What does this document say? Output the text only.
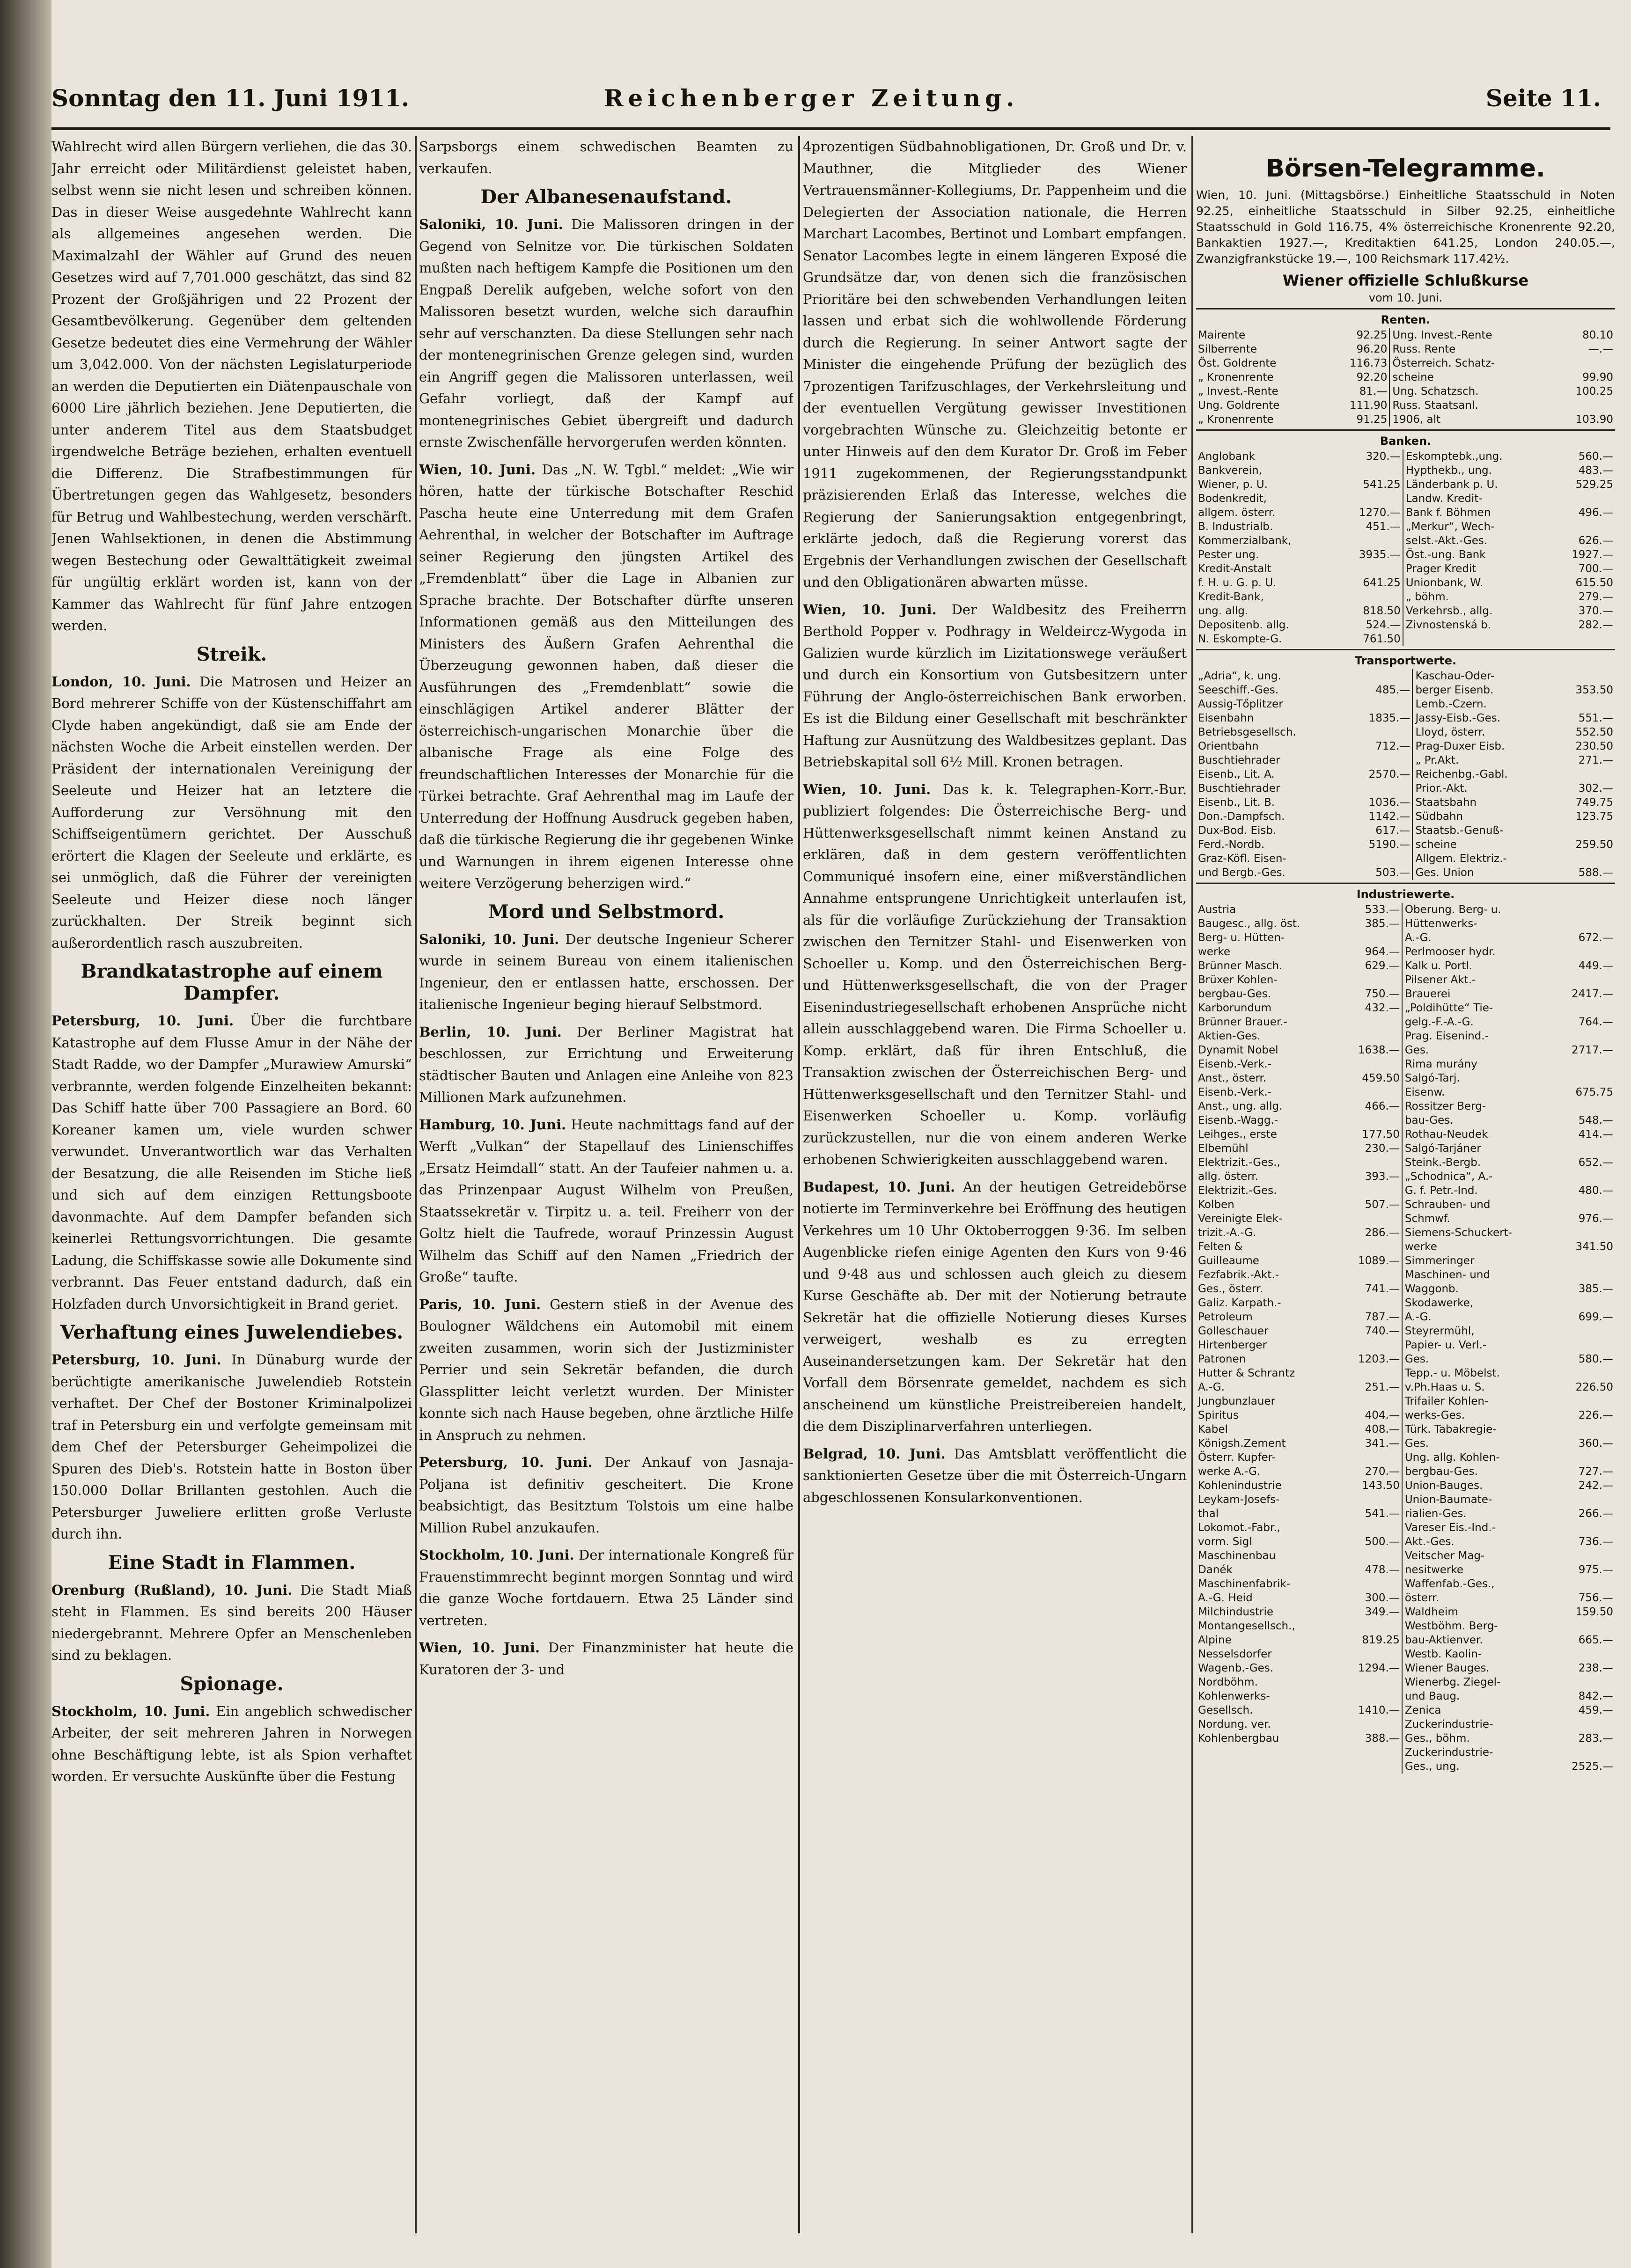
Sonntag den 11. Juni 1911.	Reichenberger Zeitung.	Seite 11.

Wahlrecht wird allen Bürgern verliehen, die das 30. Jahr erreicht oder Militärdienst geleistet haben, selbst wenn sie nicht lesen und schreiben können. Das in dieser Weise ausgedehnte Wahlrecht kann als allgemeines angesehen werden. Die Maximalzahl der Wähler auf Grund des neuen Gesetzes wird auf 7,701.000 geschätzt, das sind 82 Prozent der Großjährigen und 22 Prozent der Gesamtbevölkerung. Gegenüber dem geltenden Gesetze bedeutet dies eine Vermehrung der Wähler um 3,042.000. Von der nächsten Legislaturperiode an werden die Deputierten ein Diätenpauschale von 6000 Lire jährlich beziehen. Jene Deputierten, die unter anderem Titel aus dem Staatsbudget irgendwelche Beträge beziehen, erhalten eventuell die Differenz. Die Strafbestimmungen für Übertretungen gegen das Wahlgesetz, besonders für Betrug und Wahlbestechung, werden verschärft. Jenen Wahlsektionen, in denen die Abstimmung wegen Bestechung oder Gewalttätigkeit zweimal für ungültig erklärt worden ist, kann von der Kammer das Wahlrecht für fünf Jahre entzogen werden.

Streik.

London, 10. Juni. Die Matrosen und Heizer an Bord mehrerer Schiffe von der Küstenschiffahrt am Clyde haben angekündigt, daß sie am Ende der nächsten Woche die Arbeit einstellen werden. Der Präsident der internationalen Vereinigung der Seeleute und Heizer hat an letztere die Aufforderung zur Versöhnung mit den Schiffseigentümern gerichtet. Der Ausschuß erörtert die Klagen der Seeleute und erklärte, es sei unmöglich, daß die Führer der vereinigten Seeleute und Heizer diese noch länger zurückhalten. Der Streik beginnt sich außerordentlich rasch auszubreiten.

Brandkatastrophe auf einem Dampfer.

Petersburg, 10. Juni. Über die furchtbare Katastrophe auf dem Flusse Amur in der Nähe der Stadt Radde, wo der Dampfer „Murawiew Amurski“ verbrannte, werden folgende Einzelheiten bekannt: Das Schiff hatte über 700 Passagiere an Bord. 60 Koreaner kamen um, viele wurden schwer verwundet. Unverantwortlich war das Verhalten der Besatzung, die alle Reisenden im Stiche ließ und sich auf dem einzigen Rettungsboote davonmachte. Auf dem Dampfer befanden sich keinerlei Rettungsvorrichtungen. Die gesamte Ladung, die Schiffskasse sowie alle Dokumente sind verbrannt. Das Feuer entstand dadurch, daß ein Holzfaden durch Unvorsichtigkeit in Brand geriet.

Verhaftung eines Juwelendiebes.

Petersburg, 10. Juni. In Dünaburg wurde der berüchtigte amerikanische Juwelendieb Rotstein verhaftet. Der Chef der Bostoner Kriminalpolizei traf in Petersburg ein und verfolgte gemeinsam mit dem Chef der Petersburger Geheimpolizei die Spuren des Dieb's. Rotstein hatte in Boston über 150.000 Dollar Brillanten gestohlen. Auch die Petersburger Juweliere erlitten große Verluste durch ihn.

Eine Stadt in Flammen.

Orenburg (Rußland), 10. Juni. Die Stadt Miaß steht in Flammen. Es sind bereits 200 Häuser niedergebrannt. Mehrere Opfer an Menschenleben sind zu beklagen.

Spionage.

Stockholm, 10. Juni. Ein angeblich schwedischer Arbeiter, der seit mehreren Jahren in Norwegen ohne Beschäftigung lebte, ist als Spion verhaftet worden. Er versuchte Auskünfte über die Festung

Sarpsborgs einem schwedischen Beamten zu verkaufen.

Der Albanesenaufstand.

Saloniki, 10. Juni. Die Malissoren dringen in der Gegend von Selnitze vor. Die türkischen Soldaten mußten nach heftigem Kampfe die Positionen um den Engpaß Derelik aufgeben, welche sofort von den Malissoren besetzt wurden, welche sich daraufhin sehr auf verschanzten. Da diese Stellungen sehr nach der montenegrinischen Grenze gelegen sind, wurden ein Angriff gegen die Malissoren unterlassen, weil Gefahr vorliegt, daß der Kampf auf montenegrinisches Gebiet übergreift und dadurch ernste Zwischenfälle hervorgerufen werden könnten.

Wien, 10. Juni. Das „N. W. Tgbl.“ meldet: „Wie wir hören, hatte der türkische Botschafter Reschid Pascha heute eine Unterredung mit dem Grafen Aehrenthal, in welcher der Botschafter im Auftrage seiner Regierung den jüngsten Artikel des „Fremdenblatt“ über die Lage in Albanien zur Sprache brachte. Der Botschafter dürfte unseren Informationen gemäß aus den Mitteilungen des Ministers des Äußern Grafen Aehrenthal die Überzeugung gewonnen haben, daß dieser die Ausführungen des „Fremdenblatt“ sowie die einschlägigen Artikel anderer Blätter der österreichisch-ungarischen Monarchie über die albanische Frage als eine Folge des freundschaftlichen Interesses der Monarchie für die Türkei betrachte. Graf Aehrenthal mag im Laufe der Unterredung der Hoffnung Ausdruck gegeben haben, daß die türkische Regierung die ihr gegebenen Winke und Warnungen in ihrem eigenen Interesse ohne weitere Verzögerung beherzigen wird.“

Mord und Selbstmord.

Saloniki, 10. Juni. Der deutsche Ingenieur Scherer wurde in seinem Bureau von einem italienischen Ingenieur, den er entlassen hatte, erschossen. Der italienische Ingenieur beging hierauf Selbstmord.

Berlin, 10. Juni. Der Berliner Magistrat hat beschlossen, zur Errichtung und Erweiterung städtischer Bauten und Anlagen eine Anleihe von 823 Millionen Mark aufzunehmen.

Hamburg, 10. Juni. Heute nachmittags fand auf der Werft „Vulkan“ der Stapellauf des Linienschiffes „Ersatz Heimdall“ statt. An der Taufeier nahmen u. a. das Prinzenpaar August Wilhelm von Preußen, Staatssekretär v. Tirpitz u. a. teil. Freiherr von der Goltz hielt die Taufrede, worauf Prinzessin August Wilhelm das Schiff auf den Namen „Friedrich der Große“ taufte.

Paris, 10. Juni. Gestern stieß in der Avenue des Boulogner Wäldchens ein Automobil mit einem zweiten zusammen, worin sich der Justizminister Perrier und sein Sekretär befanden, die durch Glassplitter leicht verletzt wurden. Der Minister konnte sich nach Hause begeben, ohne ärztliche Hilfe in Anspruch zu nehmen.

Petersburg, 10. Juni. Der Ankauf von Jasnaja-Poljana ist definitiv gescheitert. Die Krone beabsichtigt, das Besitztum Tolstois um eine halbe Million Rubel anzukaufen.

Stockholm, 10. Juni. Der internationale Kongreß für Frauenstimmrecht beginnt morgen Sonntag und wird die ganze Woche fortdauern. Etwa 25 Länder sind vertreten.

Wien, 10. Juni. Der Finanzminister hat heute die Kuratoren der 3- und

4prozentigen Südbahnobligationen, Dr. Groß und Dr. v. Mauthner, die Mitglieder des Wiener Vertrauensmänner-Kollegiums, Dr. Pappenheim und die Delegierten der Association nationale, die Herren Marchart Lacombes, Bertinot und Lombart empfangen. Senator Lacombes legte in einem längeren Exposé die Grundsätze dar, von denen sich die französischen Prioritäre bei den schwebenden Verhandlungen leiten lassen und erbat sich die wohlwollende Förderung durch die Regierung. In seiner Antwort sagte der Minister die eingehende Prüfung der bezüglich des 7prozentigen Tarifzuschlages, der Verkehrsleitung und der eventuellen Vergütung gewisser Investitionen vorgebrachten Wünsche zu. Gleichzeitig betonte er unter Hinweis auf den dem Kurator Dr. Groß im Feber 1911 zugekommenen, der Regierungsstandpunkt präzisierenden Erlaß das Interesse, welches die Regierung der Sanierungsaktion entgegenbringt, erklärte jedoch, daß die Regierung vorerst das Ergebnis der Verhandlungen zwischen der Gesellschaft und den Obligationären abwarten müsse.

Wien, 10. Juni. Der Waldbesitz des Freiherrn Berthold Popper v. Podhragy in Weldeircz-Wygoda in Galizien wurde kürzlich im Lizitationswege veräußert und durch ein Konsortium von Gutsbesitzern unter Führung der Anglo-österreichischen Bank erworben. Es ist die Bildung einer Gesellschaft mit beschränkter Haftung zur Ausnützung des Waldbesitzes geplant. Das Betriebskapital soll 6½ Mill. Kronen betragen.

Wien, 10. Juni. Das k. k. Telegraphen-Korr.-Bur. publiziert folgendes: Die Österreichische Berg- und Hüttenwerksgesellschaft nimmt keinen Anstand zu erklären, daß in dem gestern veröffentlichten Communiqué insofern eine, einer mißverständlichen Annahme entsprungene Unrichtigkeit unterlaufen ist, als für die vorläufige Zurückziehung der Transaktion zwischen den Ternitzer Stahl- und Eisenwerken von Schoeller u. Komp. und den Österreichischen Berg- und Hüttenwerksgesellschaft, die von der Prager Eisenindustriegesellschaft erhobenen Ansprüche nicht allein ausschlaggebend waren. Die Firma Schoeller u. Komp. erklärt, daß für ihren Entschluß, die Transaktion zwischen der Österreichischen Berg- und Hüttenwerksgesellschaft und den Ternitzer Stahl- und Eisenwerken Schoeller u. Komp. vorläufig zurückzustellen, nur die von einem anderen Werke erhobenen Schwierigkeiten ausschlaggebend waren.

Budapest, 10. Juni. An der heutigen Getreidebörse notierte im Terminverkehre bei Eröffnung des heutigen Verkehres um 10 Uhr Oktoberroggen 9·36. Im selben Augenblicke riefen einige Agenten den Kurs von 9·46 und 9·48 aus und schlossen auch gleich zu diesem Kurse Geschäfte ab. Der mit der Notierung betraute Sekretär hat die offizielle Notierung dieses Kurses verweigert, weshalb es zu erregten Auseinandersetzungen kam. Der Sekretär hat den Vorfall dem Börsenrate gemeldet, nachdem es sich anscheinend um künstliche Preistreibereien handelt, die dem Disziplinarverfahren unterliegen.

Belgrad, 10. Juni. Das Amtsblatt veröffentlicht die sanktionierten Gesetze über die mit Österreich-Ungarn abgeschlossenen Konsularkonventionen.

Börsen-Telegramme.

Wien, 10. Juni. (Mittagsbörse.) Einheitliche Staatsschuld in Noten 92.25, einheitliche Staatsschuld in Silber 92.25, einheitliche Staatsschuld in Gold 116.75, 4% österreichische Kronenrente 92.20, Bankaktien 1927.—, Kreditaktien 641.25, London 240.05.—, Zwanzigfrankstücke 19.—, 100 Reichsmark 117.42½.

Wiener offizielle Schlußkurse
vom 10. Juni.
Renten.
Mairente	92.25		Ung. Invest.-Rente	80.10
Silberrente	96.20		Russ. Rente	—.—
Öst. Goldrente	116.73		Österreich. Schatz-	
„ Kronenrente	92.20		scheine	99.90
„ Invest.-Rente	81.—		Ung. Schatzsch.	100.25
Ung. Goldrente	111.90		Russ. Staatsanl.	
„ Kronenrente	91.25		1906, alt	103.90
Banken.
Anglobank	320.—		Eskomptebk.,ung.	560.—
Bankverein,			Hypthekb., ung.	483.—
Wiener, p. U.	541.25		Länderbank p. U.	529.25
Bodenkredit,			Landw. Kredit-	
allgem. österr.	1270.—		Bank f. Böhmen	496.—
B. Industrialb.	451.—		„Merkur“, Wech-	
Kommerzialbank,			selst.-Akt.-Ges.	626.—
Pester ung.	3935.—		Öst.-ung. Bank	1927.—
Kredit-Anstalt			Prager Kredit	700.—
f. H. u. G. p. U.	641.25		Unionbank, W.	615.50
Kredit-Bank,			„ böhm.	279.—
ung. allg.	818.50		Verkehrsb., allg.	370.—
Depositenb. allg.	524.—		Zivnostenská b.	282.—
N. Eskompte-G.	761.50			
Transportwerte.
„Adria“, k. ung.			Kaschau-Oder-	
Seeschiff.-Ges.	485.—		berger Eisenb.	353.50
Aussig-Tőplitzer			Lemb.-Czern.	
Eisenbahn	1835.—		Jassy-Eisb.-Ges.	551.—
Betriebsgesellsch.			Lloyd, österr.	552.50
Orientbahn	712.—		Prag-Duxer Eisb.	230.50
Buschtiehrader			„ Pr.Akt.	271.—
Eisenb., Lit. A.	2570.—		Reichenbg.-Gabl.	
Buschtiehrader			Prior.-Akt.	302.—
Eisenb., Lit. B.	1036.—		Staatsbahn	749.75
Don.-Dampfsch.	1142.—		Südbahn	123.75
Dux-Bod. Eisb.	617.—		Staatsb.-Genuß-	
Ferd.-Nordb.	5190.—		scheine	259.50
Graz-Köfl. Eisen-			Allgem. Elektriz.-	
und Bergb.-Ges.	503.—		Ges. Union	588.—
Industriewerte.
Austria	533.—		Oberung. Berg- u.	
Baugesc., allg. öst.	385.—		Hüttenwerks-	
Berg- u. Hütten-			A.-G.	672.—
werke	964.—		Perlmooser hydr.	
Brünner Masch.	629.—		Kalk u. Portl.	449.—
Brüxer Kohlen-			Pilsener Akt.-	
bergbau-Ges.	750.—		Brauerei	2417.—
Karborundum	432.—		„Poldihütte“ Tie-	
Brünner Brauer.-			gelg.-F.-A.-G.	764.—
Aktien-Ges.			Prag. Eisenind.-	
Dynamit Nobel	1638.—		Ges.	2717.—
Eisenb.-Verk.-			Rima murány	
Anst., österr.	459.50		Salgó-Tarj.	
Eisenb.-Verk.-			Eisenw.	675.75
Anst., ung. allg.	466.—		Rossitzer Berg-	
Eisenb.-Wagg.-			bau-Ges.	548.—
Leihges., erste	177.50		Rothau-Neudek	414.—
Elbemühl	230.—		Salgó-Tarjáner	
Elektrizit.-Ges.,			Steink.-Bergb.	652.—
allg. österr.	393.—		„Schodnica“, A.-	
Elektrizit.-Ges.			G. f. Petr.-Ind.	480.—
Kolben	507.—		Schrauben- und	
Vereinigte Elek-			Schmwf.	976.—
trizit.-A.-G.	286.—		Siemens-Schuckert-	
Felten &			werke	341.50
Guilleaume	1089.—		Simmeringer	
Fezfabrik.-Akt.-			Maschinen- und	
Ges., österr.	741.—		Waggonb.	385.—
Galiz. Karpath.-			Skodawerke,	
Petroleum	787.—		A.-G.	699.—
Golleschauer	740.—		Steyrermühl,	
Hirtenberger			Papier- u. Verl.-	
Patronen	1203.—		Ges.	580.—
Hutter & Schrantz			Tepp.- u. Möbelst.	
A.-G.	251.—		v.Ph.Haas u. S.	226.50
Jungbunzlauer			Trifailer Kohlen-	
Spiritus	404.—		werks-Ges.	226.—
Kabel	408.—		Türk. Tabakregie-	
Königsh.Zement	341.—		Ges.	360.—
Österr. Kupfer-			Ung. allg. Kohlen-	
werke A.-G.	270.—		bergbau-Ges.	727.—
Kohlenindustrie	143.50		Union-Bauges.	242.—
Leykam-Josefs-			Union-Baumate-	
thal	541.—		rialien-Ges.	266.—
Lokomot.-Fabr.,			Vareser Eis.-Ind.-	
vorm. Sigl	500.—		Akt.-Ges.	736.—
Maschinenbau			Veitscher Mag-	
Danék	478.—		nesitwerke	975.—
Maschinenfabrik-			Waffenfab.-Ges.,	
A.-G. Heid	300.—		österr.	756.—
Milchindustrie	349.—		Waldheim	159.50
Montangesellsch.,			Westböhm. Berg-	
Alpine	819.25		bau-Aktienver.	665.—
Nesselsdorfer			Westb. Kaolin-	
Wagenb.-Ges.	1294.—		Wiener Bauges.	238.—
Nordböhm.			Wienerbg. Ziegel-	
Kohlenwerks-			und Baug.	842.—
Gesellsch.	1410.—		Zenica	459.—
Nordung. ver.			Zuckerindustrie-	
Kohlenbergbau	388.—		Ges., böhm.	283.—
			Zuckerindustrie-	
			Ges., ung.	2525.—
